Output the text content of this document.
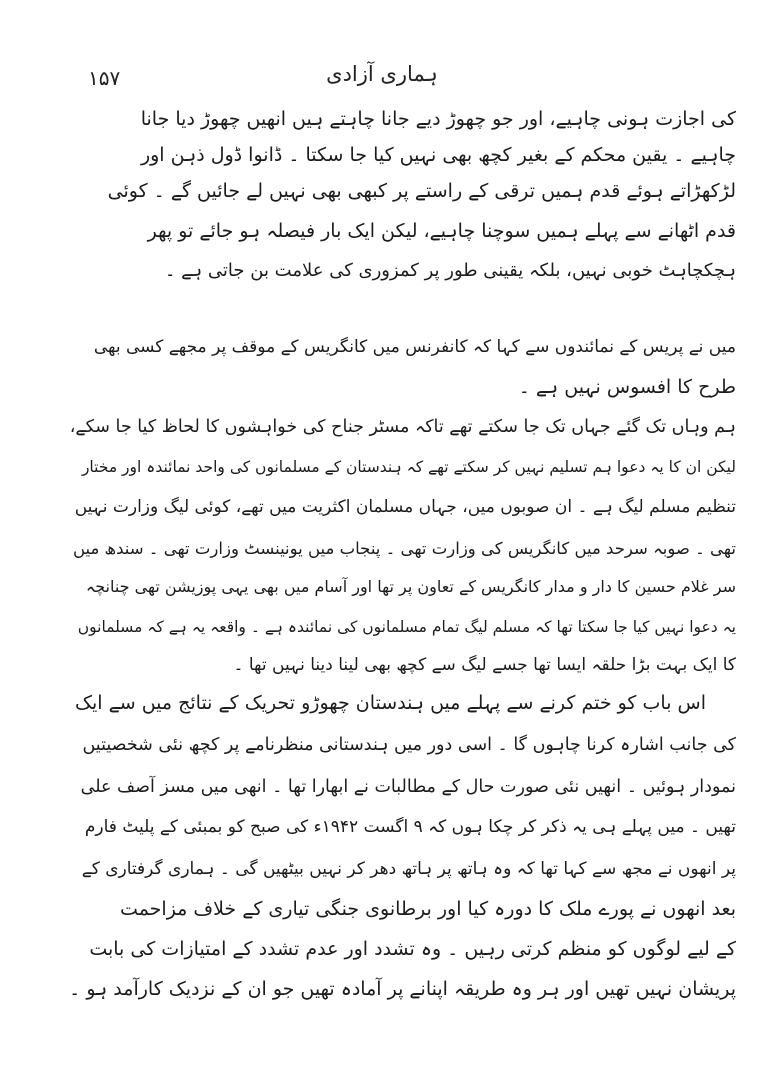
۱۵۷	ہماری آزادی
کی اجازت ہونی چاہیے، اور جو چھوڑ دیے جانا چاہتے ہیں انھیں چھوڑ دیا جانا
چاہیے ۔ یقین محکم کے بغیر کچھ بھی نہیں کیا جا سکتا ۔ ڈانوا ڈول ذہن اور
لڑکھڑاتے ہوئے قدم ہمیں ترقی کے راستے پر کبھی بھی نہیں لے جائیں گے ۔ کوئی
قدم اٹھانے سے پہلے ہمیں سوچنا چاہیے، لیکن ایک بار فیصلہ ہو جائے تو پھر
ہچکچاہٹ خوبی نہیں، بلکہ یقینی طور پر کمزوری کی علامت بن جاتی ہے ۔
میں نے پریس کے نمائندوں سے کہا کہ کانفرنس میں کانگریس کے موقف پر مجھے کسی بھی
طرح کا افسوس نہیں ہے ۔
ہم وہاں تک گئے جہاں تک جا سکتے تھے تاکہ مسٹر جناح کی خواہشوں کا لحاظ کیا جا سکے،
لیکن ان کا یہ دعوا ہم تسلیم نہیں کر سکتے تھے کہ ہندستان کے مسلمانوں کی واحد نمائندہ اور مختار
تنظیم مسلم لیگ ہے ۔ ان صوبوں میں، جہاں مسلمان اکثریت میں تھے، کوئی لیگ وزارت نہیں
تھی ۔ صوبہ سرحد میں کانگریس کی وزارت تھی ۔ پنجاب میں یونینسٹ وزارت تھی ۔ سندھ میں
سر غلام حسین کا دار و مدار کانگریس کے تعاون پر تھا اور آسام میں بھی یہی پوزیشن تھی چنانچہ
یہ دعوا نہیں کیا جا سکتا تھا کہ مسلم لیگ تمام مسلمانوں کی نمائندہ ہے ۔ واقعہ یہ ہے کہ مسلمانوں
کا ایک بہت بڑا حلقہ ایسا تھا جسے لیگ سے کچھ بھی لینا دینا نہیں تھا ۔
اس باب کو ختم کرنے سے پہلے میں ہندستان چھوڑو تحریک کے نتائج میں سے ایک
کی جانب اشارہ کرنا چاہوں گا ۔ اسی دور میں ہندستانی منظرنامے پر کچھ نئی شخصیتیں
نمودار ہوئیں ۔ انھیں نئی صورت حال کے مطالبات نے ابھارا تھا ۔ انھی میں مسز آصف علی
تھیں ۔ میں پہلے ہی یہ ذکر کر چکا ہوں کہ ۹ اگست ۱۹۴۲ء کی صبح کو بمبئی کے پلیٹ فارم
پر انھوں نے مجھ سے کہا تھا کہ وہ ہاتھ پر ہاتھ دھر کر نہیں بیٹھیں گی ۔ ہماری گرفتاری کے
بعد انھوں نے پورے ملک کا دورہ کیا اور برطانوی جنگی تیاری کے خلاف مزاحمت
کے لیے لوگوں کو منظم کرتی رہیں ۔ وہ تشدد اور عدم تشدد کے امتیازات کی بابت
پریشان نہیں تھیں اور ہر وہ طریقہ اپنانے پر آمادہ تھیں جو ان کے نزدیک کارآمد ہو ۔
